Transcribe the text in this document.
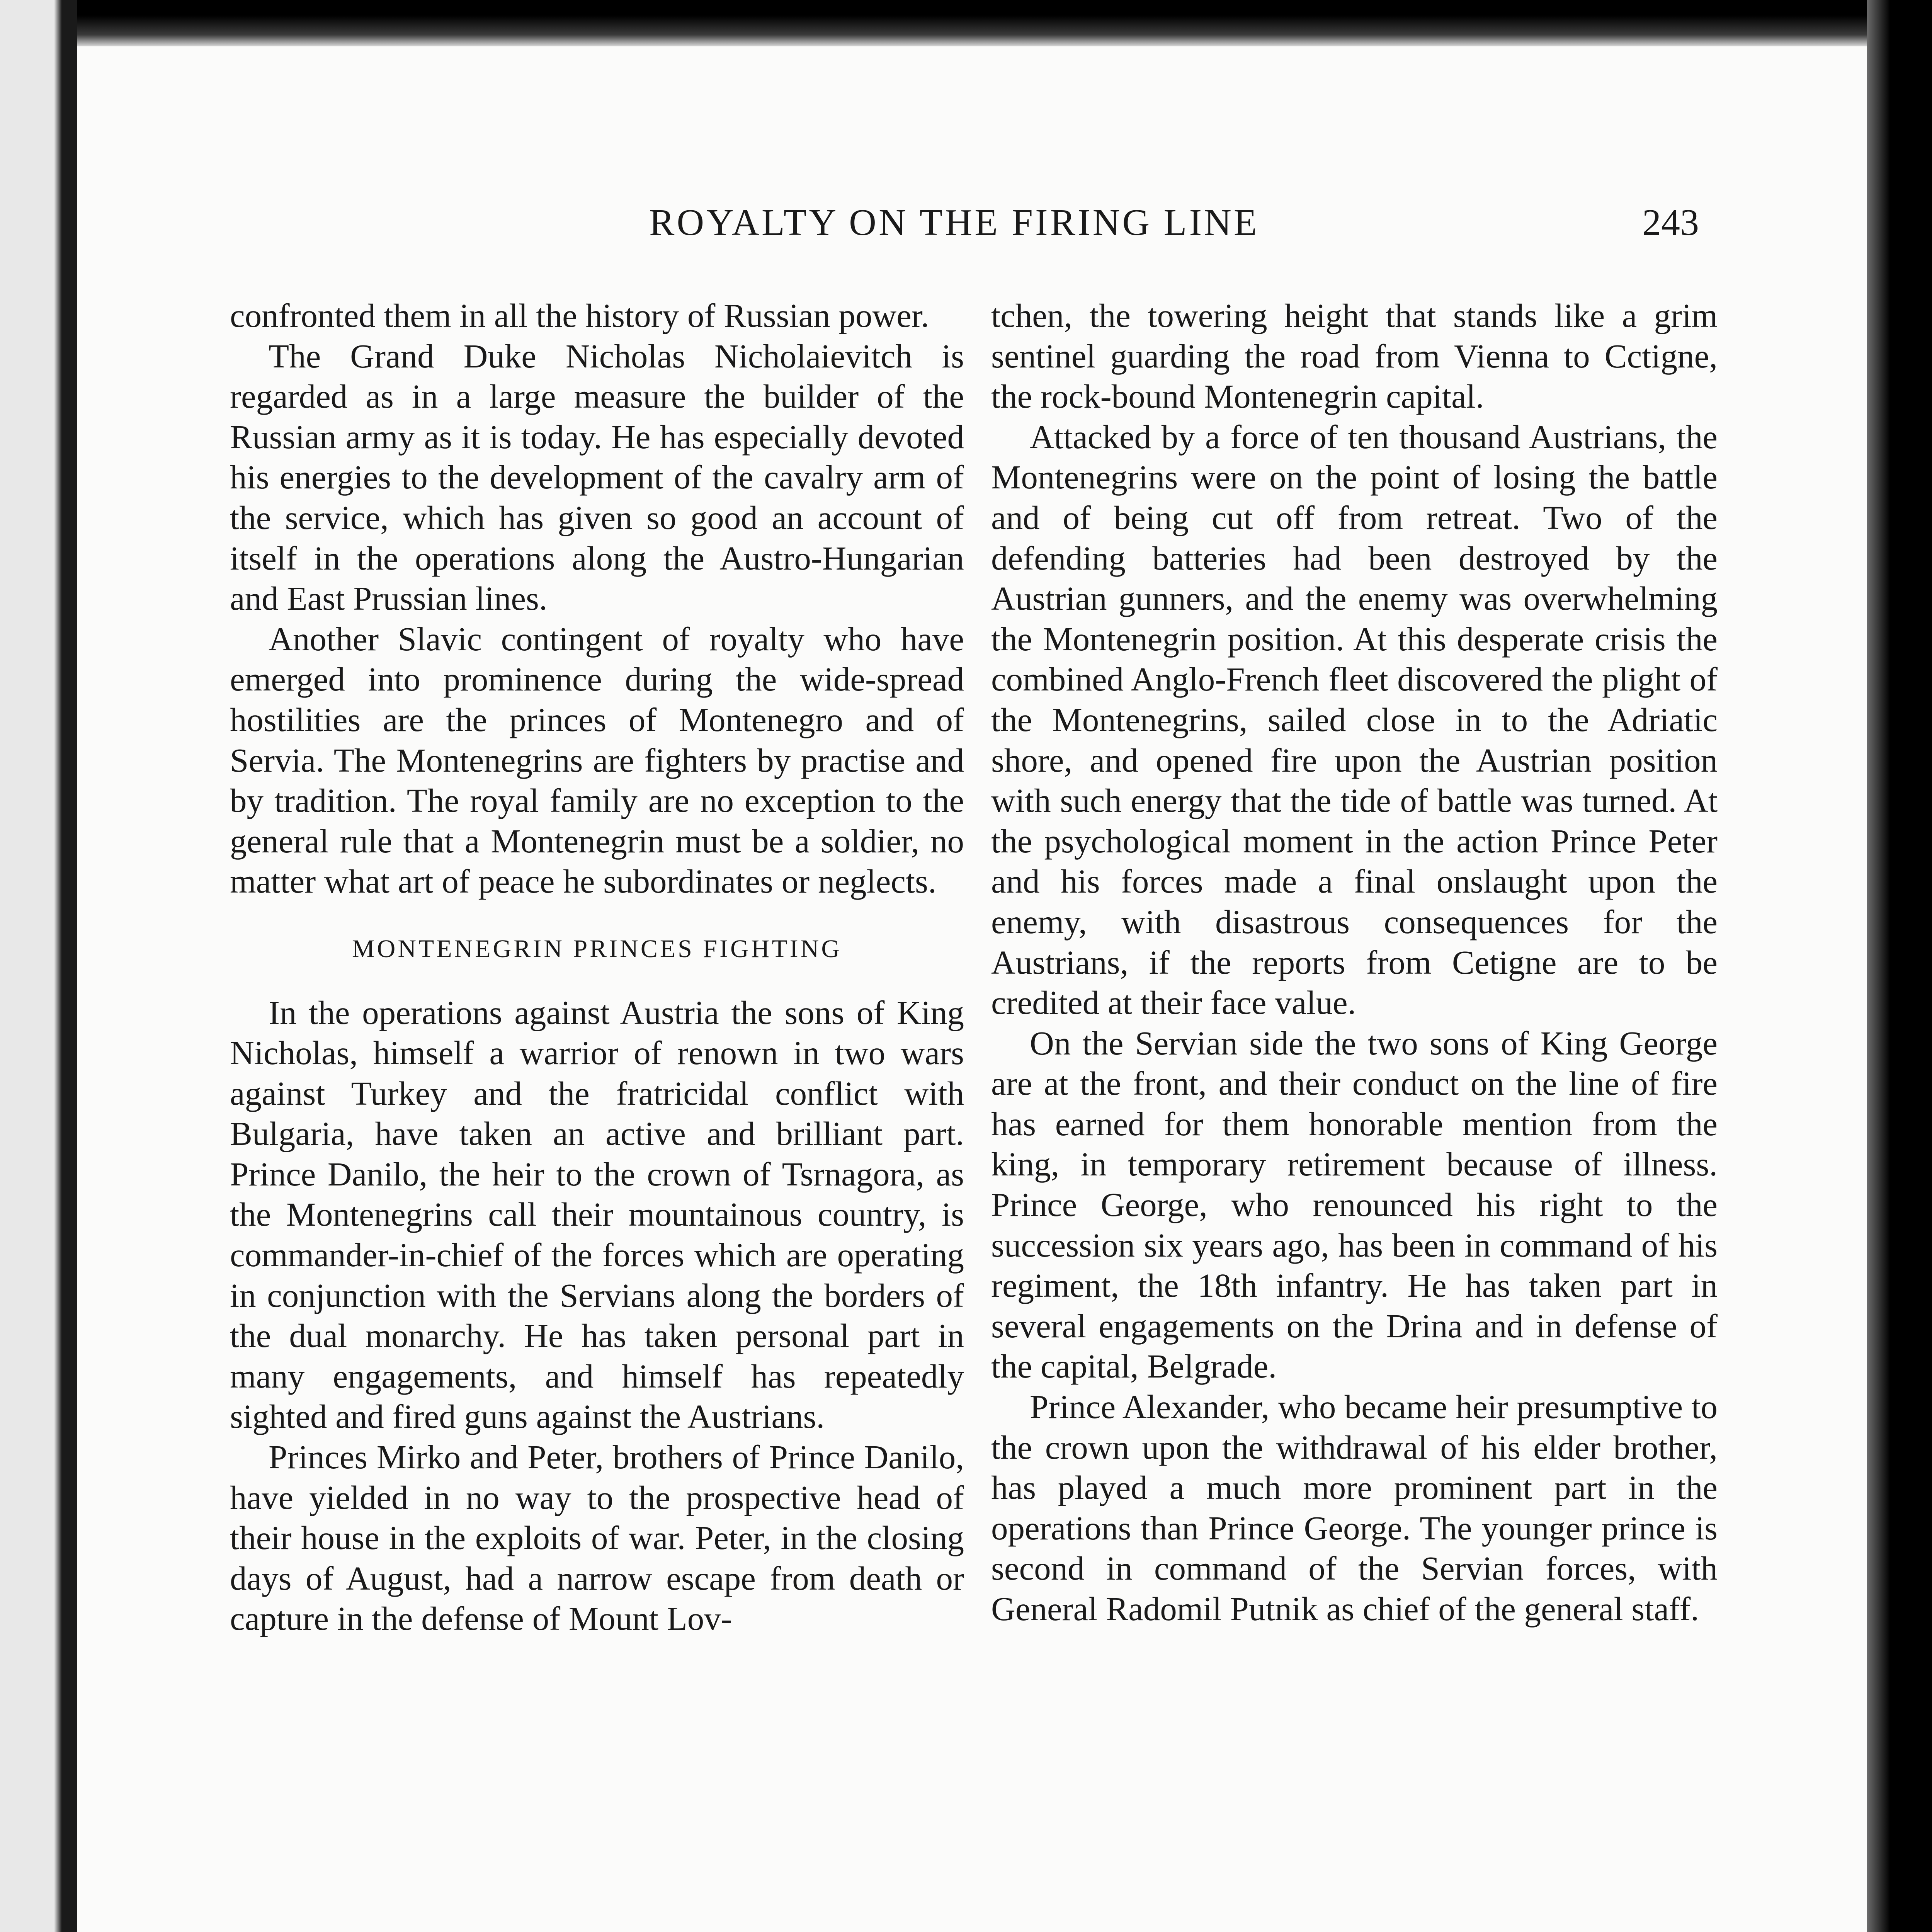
ROYALTY ON THE FIRING LINE	243

confronted them in all the history of Russian power.

The Grand Duke Nicholas Nicholaievitch is regarded as in a large measure the builder of the Russian army as it is today. He has especially devoted his energies to the development of the cavalry arm of the service, which has given so good an account of itself in the operations along the Austro-Hungarian and East Prussian lines.

Another Slavic contingent of royalty who have emerged into prominence during the wide-spread hostilities are the princes of Montenegro and of Servia. The Montenegrins are fighters by practise and by tradition. The royal family are no exception to the general rule that a Montenegrin must be a soldier, no matter what art of peace he subordinates or neglects.

MONTENEGRIN PRINCES FIGHTING

In the operations against Austria the sons of King Nicholas, himself a warrior of renown in two wars against Turkey and the fratricidal conflict with Bulgaria, have taken an active and brilliant part. Prince Danilo, the heir to the crown of Tsrnagora, as the Montenegrins call their mountainous country, is commander-in-chief of the forces which are operating in conjunction with the Servians along the borders of the dual monarchy. He has taken personal part in many engagements, and himself has repeatedly sighted and fired guns against the Austrians.

Princes Mirko and Peter, brothers of Prince Danilo, have yielded in no way to the prospective head of their house in the exploits of war. Peter, in the closing days of August, had a narrow escape from death or capture in the defense of Mount Lov-

tchen, the towering height that stands like a grim sentinel guarding the road from Vienna to Cctigne, the rock-bound Montenegrin capital.

Attacked by a force of ten thousand Austrians, the Montenegrins were on the point of losing the battle and of being cut off from retreat. Two of the defending batteries had been destroyed by the Austrian gunners, and the enemy was overwhelming the Montenegrin position. At this desperate crisis the combined Anglo-French fleet discovered the plight of the Montenegrins, sailed close in to the Adriatic shore, and opened fire upon the Austrian position with such energy that the tide of battle was turned. At the psychological moment in the action Prince Peter and his forces made a final onslaught upon the enemy, with disastrous consequences for the Austrians, if the reports from Cetigne are to be credited at their face value.

On the Servian side the two sons of King George are at the front, and their conduct on the line of fire has earned for them honorable mention from the king, in temporary retirement because of illness. Prince George, who renounced his right to the succession six years ago, has been in command of his regiment, the 18th infantry. He has taken part in several engagements on the Drina and in defense of the capital, Belgrade.

Prince Alexander, who became heir presumptive to the crown upon the withdrawal of his elder brother, has played a much more prominent part in the operations than Prince George. The younger prince is second in command of the Servian forces, with General Radomil Putnik as chief of the general staff.
